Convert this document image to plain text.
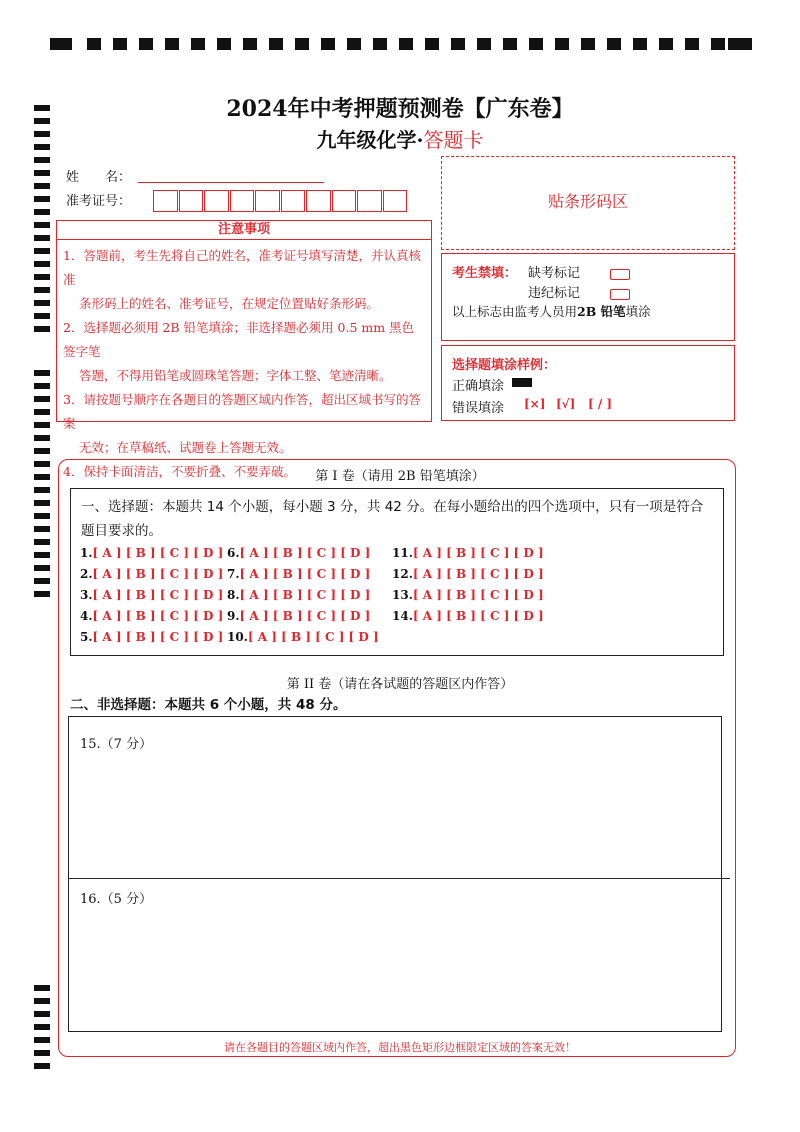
2024年中考押题预测卷【广东卷】
九年级化学·答题卡
姓　　名：
准考证号：	贴条形码区
注意事项
1．答题前，考生先将自己的姓名，准考证号填写清楚，并认真核准
条形码上的姓名、准考证号，在规定位置贴好条形码。
2．选择题必须用 2B 铅笔填涂；非选择题必须用 0.5 mm 黑色签字笔
答题，不得用铅笔或圆珠笔答题；字体工整、笔迹清晰。
3．请按题号顺序在各题目的答题区域内作答，超出区域书写的答案
无效；在草稿纸、试题卷上答题无效。
4．保持卡面清洁，不要折叠、不要弄破。
考生禁填： 缺考标记
违纪标记
以上标志由监考人员用2B 铅笔填涂
选择题填涂样例：
正确填涂
错误填涂 [×] [√] [ / ]
第 I 卷（请用 2B 铅笔填涂）
一、选择题：本题共 14 个小题，每小题 3 分，共 42 分。在每小题给出的四个选项中，只有一项是符合题目要求的。
1.[ A ] [ B ] [ C ] [ D ]
2.[ A ] [ B ] [ C ] [ D ]
3.[ A ] [ B ] [ C ] [ D ]
4.[ A ] [ B ] [ C ] [ D ]
5.[ A ] [ B ] [ C ] [ D ]
6.[ A ] [ B ] [ C ] [ D ]
7.[ A ] [ B ] [ C ] [ D ]
8.[ A ] [ B ] [ C ] [ D ]
9.[ A ] [ B ] [ C ] [ D ]
10.[ A ] [ B ] [ C ] [ D ]
11.[ A ] [ B ] [ C ] [ D ]
12.[ A ] [ B ] [ C ] [ D ]
13.[ A ] [ B ] [ C ] [ D ]
14.[ A ] [ B ] [ C ] [ D ]
第 II 卷（请在各试题的答题区内作答）
二、非选择题：本题共 6 个小题，共 48 分。
15.（7 分）
16.（5 分）
请在各题目的答题区域内作答，超出黑色矩形边框限定区域的答案无效！
